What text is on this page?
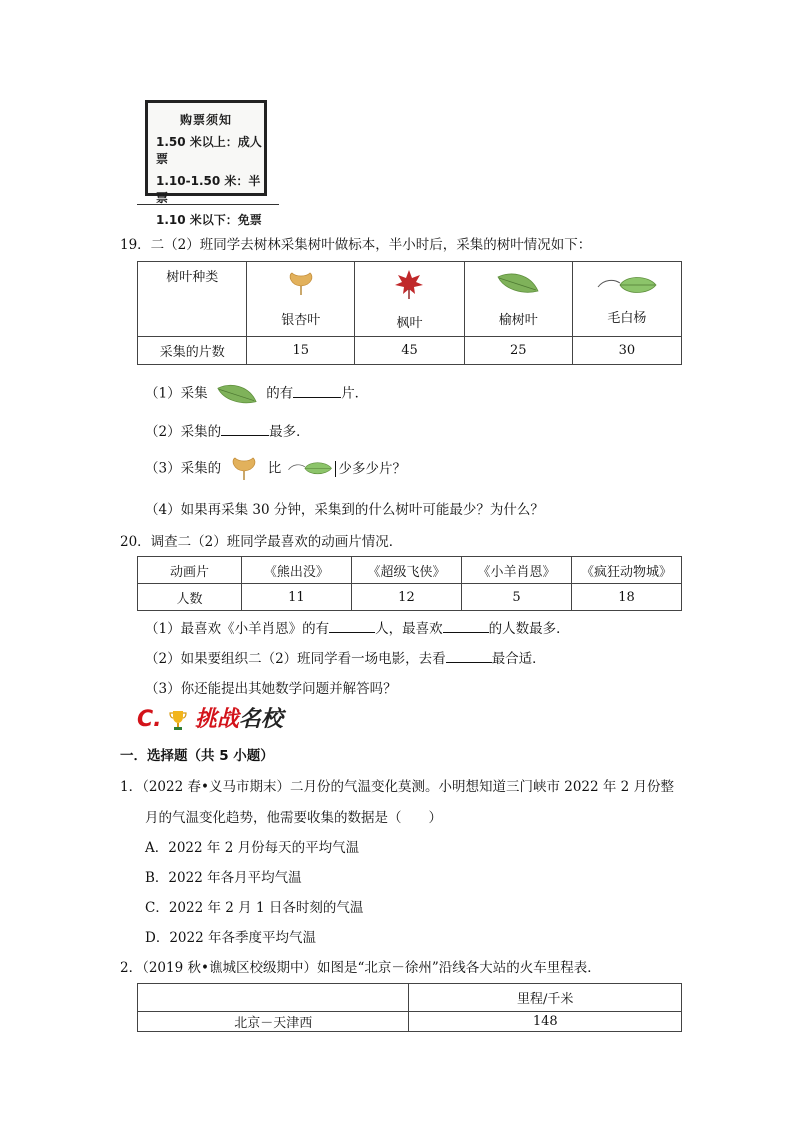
购票须知
1.50 米以上：成人票
1.10-1.50 米：半票
1.10 米以下：免票
19．二（2）班同学去树林采集树叶做标本，半小时后，采集的树叶情况如下：
树叶种类	银杏叶	枫叶	榆树叶	毛白杨

采集的片数	15	45	25	30
（1）采集	的有	片．
（2）采集的	最多．
（3）采集的	比	少多少片？
（4）如果再采集 30 分钟，采集到的什么树叶可能最少？为什么？
20．调查二（2）班同学最喜欢的动画片情况．
动画片	《熊出没》	《超级飞侠》	《小羊肖恩》	《疯狂动物城》
人数	11	12	5	18
（1）最喜欢《小羊肖恩》的有	人，最喜欢	的人数最多．
（2）如果要组织二（2）班同学看一场电影，去看	最合适．
（3）你还能提出其她数学问题并解答吗？
C. 挑战名校
一．选择题（共 5 小题）
1．（2022 春•义马市期末）二月份的气温变化莫测。小明想知道三门峡市 2022 年 2 月份整
月的气温变化趋势，他需要收集的数据是（　　）
A．2022 年 2 月份每天的平均气温
B．2022 年各月平均气温
C．2022 年 2 月 1 日各时刻的气温
D．2022 年各季度平均气温
2．（2019 秋•谯城区校级期中）如图是“北京－徐州”沿线各大站的火车里程表．
	里程/千米
北京－天津西	148
